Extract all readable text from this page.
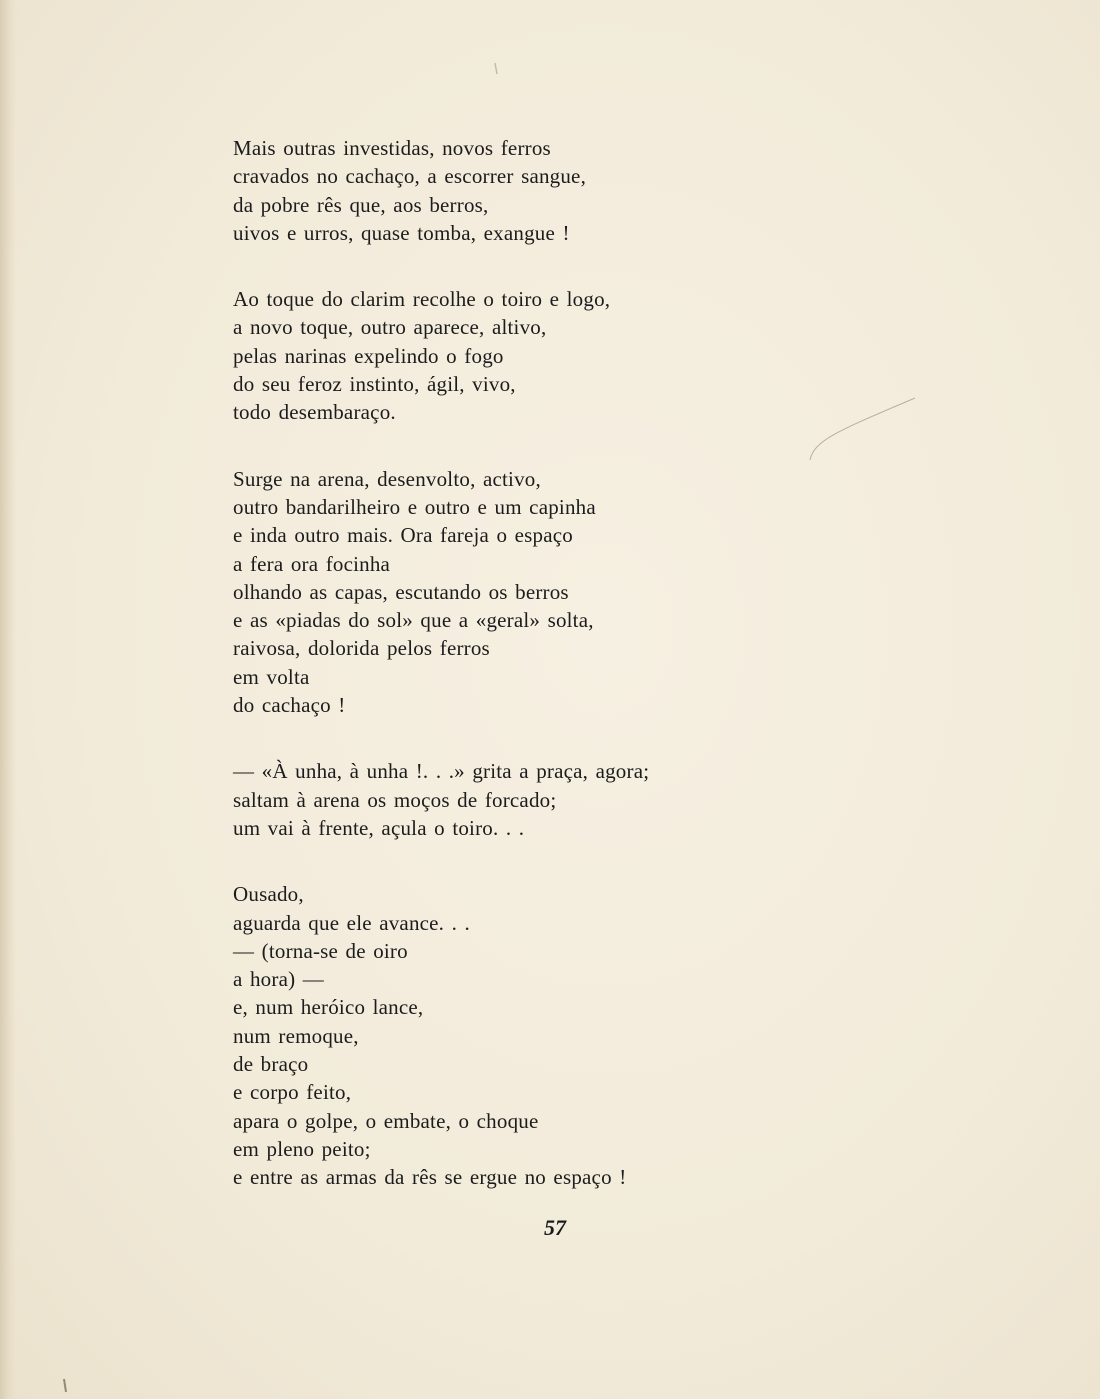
Mais outras investidas, novos ferros
cravados no cachaço, a escorrer sangue,
da pobre rês que, aos berros,
uivos e urros, quase tomba, exangue !
Ao toque do clarim recolhe o toiro e logo,
a novo toque, outro aparece, altivo,
pelas narinas expelindo o fogo
do seu feroz instinto, ágil, vivo,
todo desembaraço.
Surge na arena, desenvolto, activo,
outro bandarilheiro e outro e um capinha
e inda outro mais. Ora fareja o espaço
a fera ora focinha
olhando as capas, escutando os berros
e as «piadas do sol» que a «geral» solta,
raivosa, dolorida pelos ferros
em volta
do cachaço !
— «À unha, à unha !. . .» grita a praça, agora;
saltam à arena os moços de forcado;
um vai à frente, açula o toiro. . .
Ousado,
aguarda que ele avance. . .
— (torna-se de oiro
a hora) —
e, num heróico lance,
num remoque,
de braço
e corpo feito,
apara o golpe, o embate, o choque
em pleno peito;
e entre as armas da rês se ergue no espaço !
57
